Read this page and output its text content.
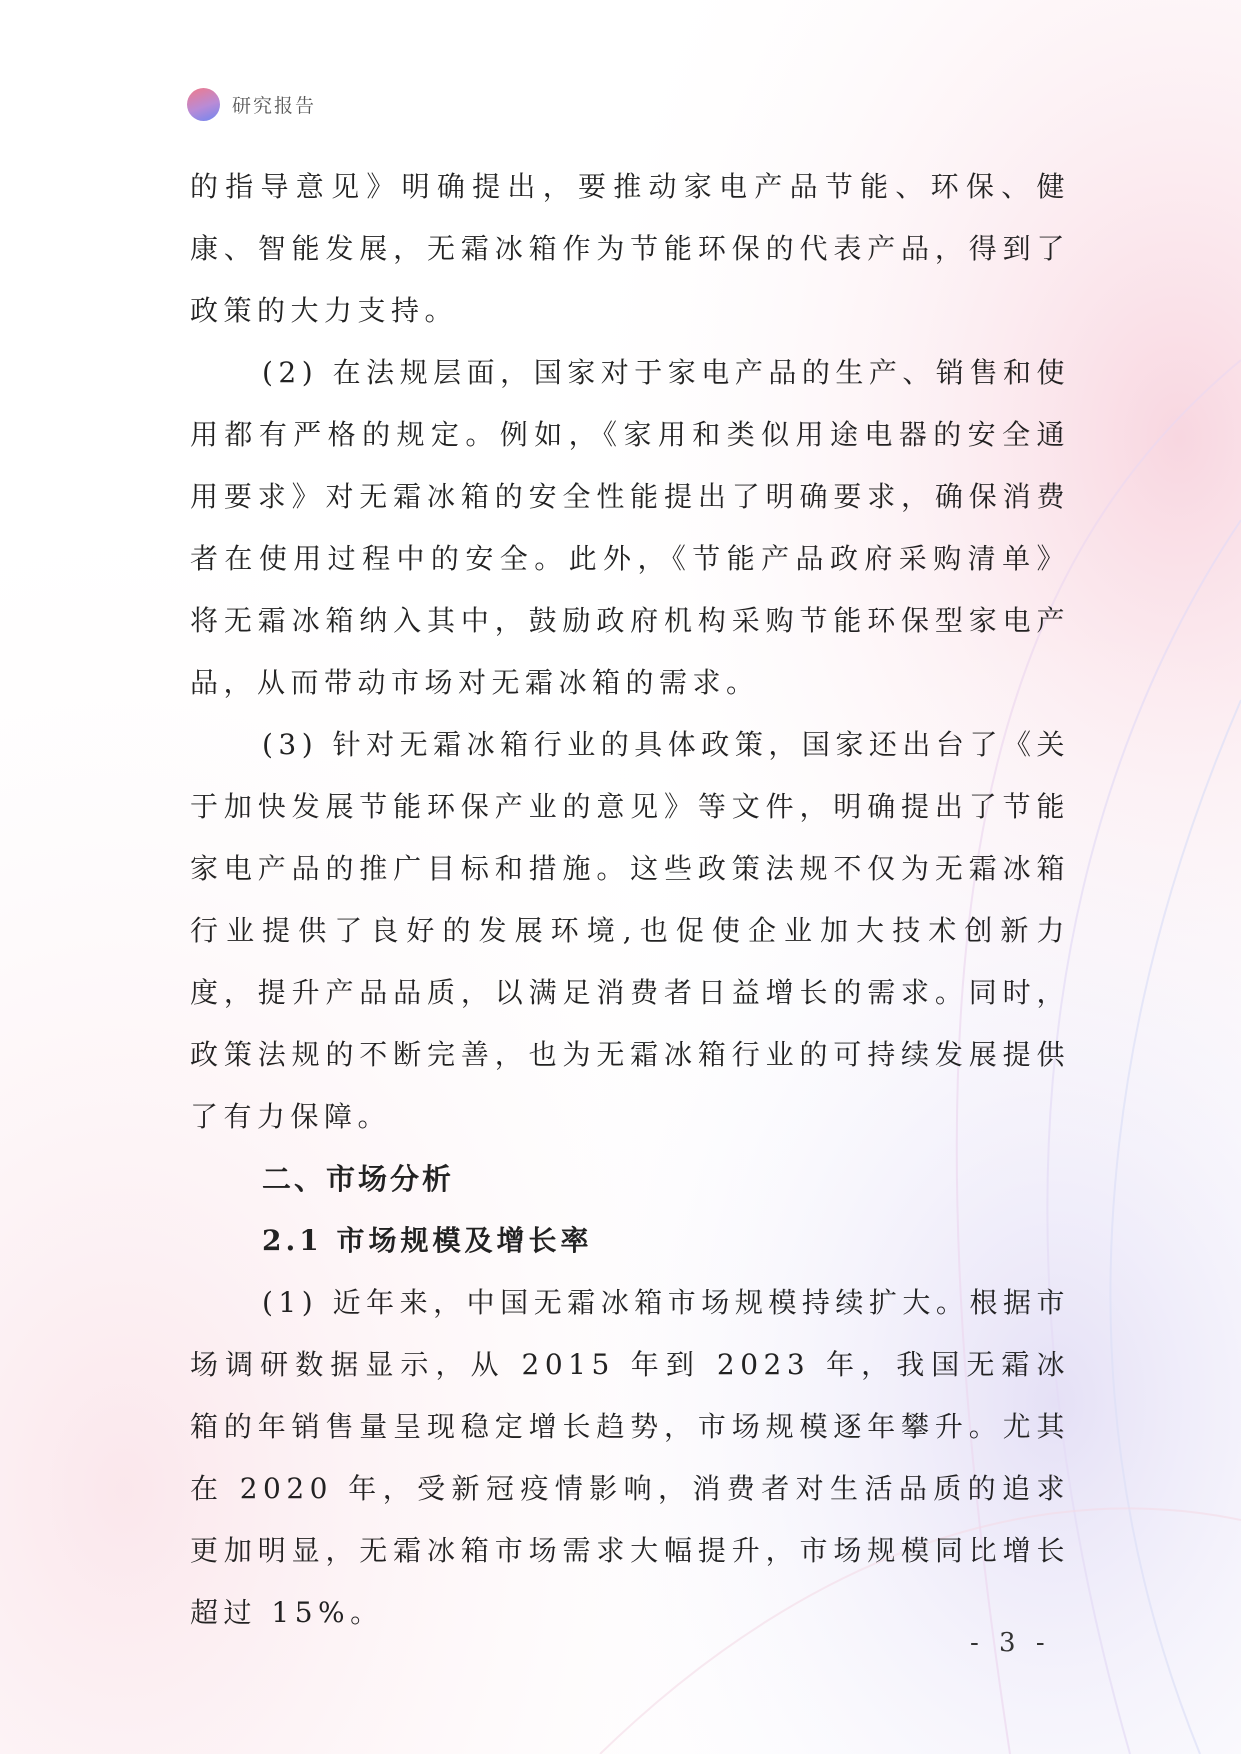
研究报告

的指导意见》明确提出，要推动家电产品节能、环保、健康、智能发展，无霜冰箱作为节能环保的代表产品，得到了政策的大力支持。

(2) 在法规层面，国家对于家电产品的生产、销售和使用都有严格的规定。例如，《家用和类似用途电器的安全通用要求》对无霜冰箱的安全性能提出了明确要求，确保消费者在使用过程中的安全。此外，《节能产品政府采购清单》将无霜冰箱纳入其中，鼓励政府机构采购节能环保型家电产品，从而带动市场对无霜冰箱的需求。

(3) 针对无霜冰箱行业的具体政策，国家还出台了《关于加快发展节能环保产业的意见》等文件，明确提出了节能家电产品的推广目标和措施。这些政策法规不仅为无霜冰箱行业提供了良好的发展环境,也促使企业加大技术创新力度，提升产品品质，以满足消费者日益增长的需求。同时，政策法规的不断完善，也为无霜冰箱行业的可持续发展提供了有力保障。

二、市场分析
2.1 市场规模及增长率

(1) 近年来，中国无霜冰箱市场规模持续扩大。根据市场调研数据显示，从 2015 年到 2023 年，我国无霜冰箱的年销售量呈现稳定增长趋势，市场规模逐年攀升。尤其在 2020 年，受新冠疫情影响，消费者对生活品质的追求更加明显，无霜冰箱市场需求大幅提升，市场规模同比增长超过 15%。

- 3 -
